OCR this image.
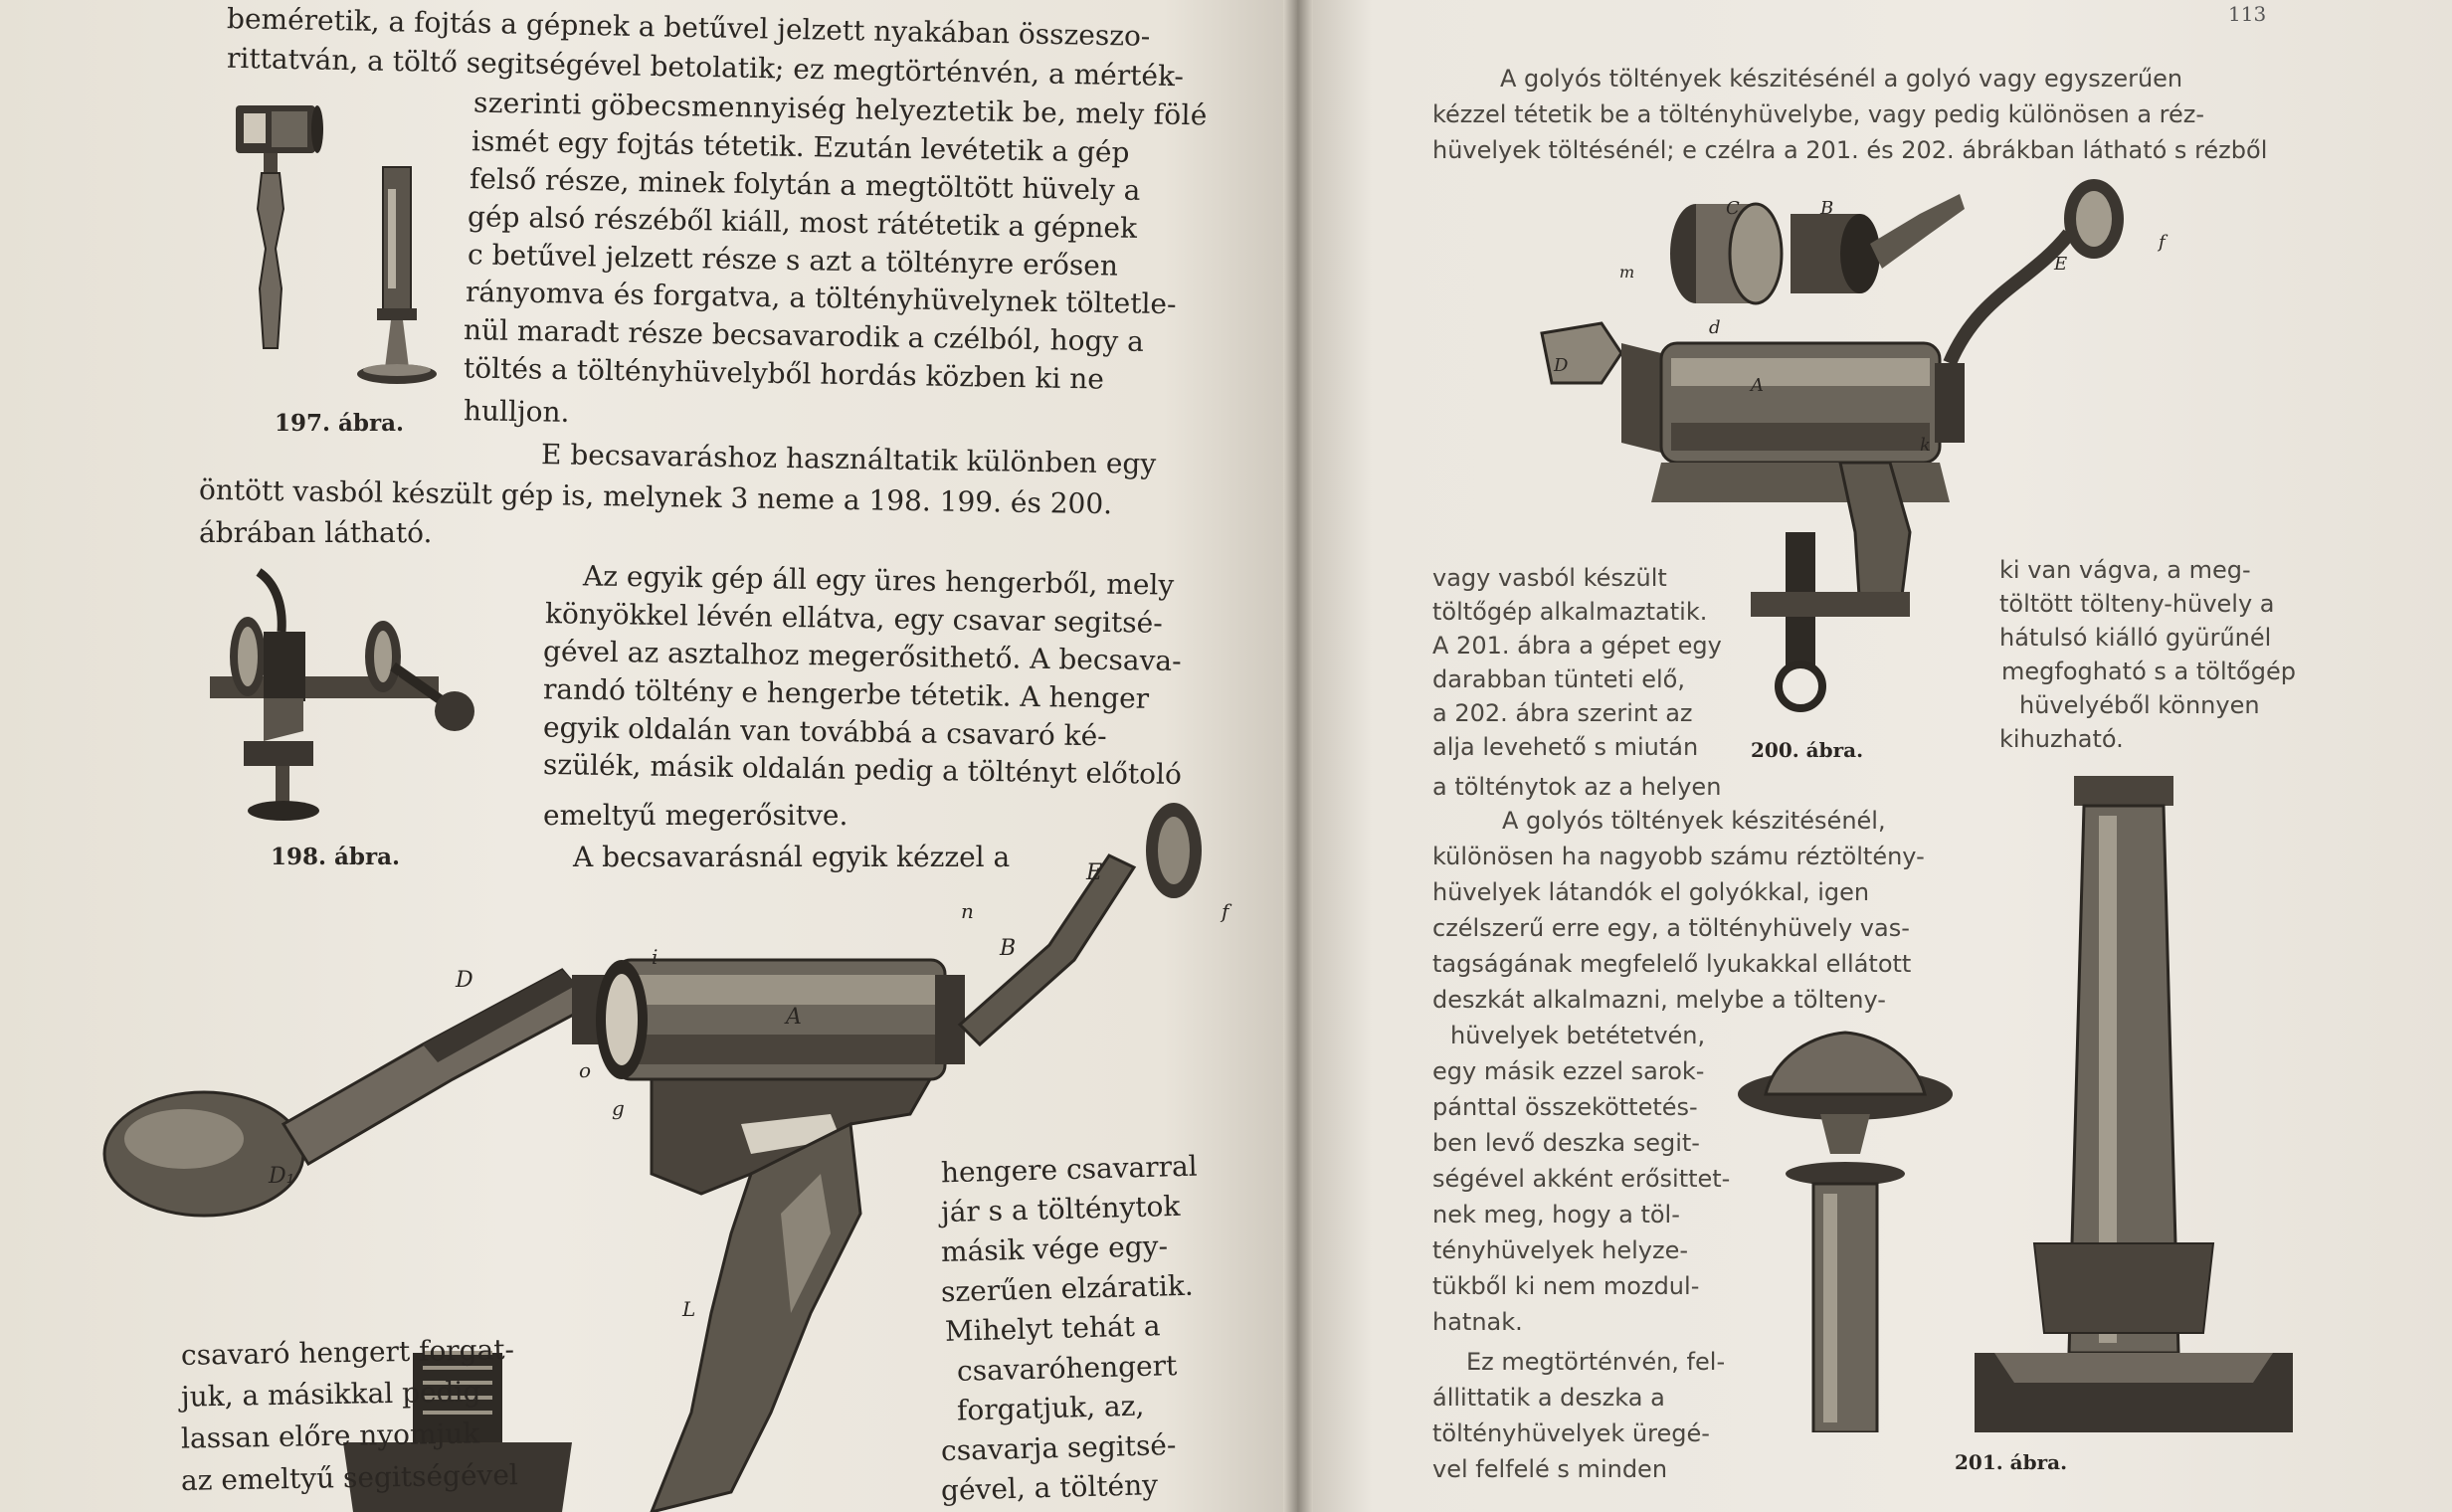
beméretik, a fojtás a gépnek a betűvel jelzett nyakában összeszo-
rittatván, a töltő segitségével betolatik; ez megtörténvén, a mérték-
szerinti göbecsmennyiség helyeztetik be, mely fölé
ismét egy fojtás tétetik. Ezután levétetik a gép
felső része, minek folytán a megtöltött hüvely a
gép alsó részéből kiáll, most rátétetik a gépnek
c betűvel jelzett része s azt a töltényre erősen
rányomva és forgatva, a töltényhüvelynek töltetle-
nül maradt része becsavarodik a czélból, hogy a
töltés a töltényhüvelyből hordás közben ki ne
hulljon.
197. ábra.
E becsavaráshoz használtatik különben egy
öntött vasból készült gép is, melynek 3 neme a 198. 199. és 200.
ábrában látható.
198. ábra.
Az egyik gép áll egy üres hengerből, mely
könyökkel lévén ellátva, egy csavar segitsé-
gével az asztalhoz megerősithető. A becsava-
randó töltény e hengerbe tétetik. A henger
egyik oldalán van továbbá a csavaró ké-
szülék, másik oldalán pedig a töltényt előtoló
emeltyű megerősitve.
A becsavarásnál egyik kézzel a
D
D₁
E
A
B
n	f
i
o
g
L
hengere csavarral
jár s a tölténytok
másik vége egy-
szerűen elzáratik.
Mihelyt tehát a
csavaróhengert
forgatjuk, az,
csavarja segitsé-
gével, a töltény
csavaró hengert forgat-
juk, a másikkal pedig
lassan előre nyomjuk
az emeltyű segitségével
113
A golyós töltények készitésénél a golyó vagy egyszerűen
kézzel tétetik be a töltényhüvelybe, vagy pedig különösen a réz-
hüvelyek töltésénél; e czélra a 201. és 202. ábrákban látható s rézből
C	B
E
A
D
d
k
f
m
200. ábra.
vagy vasból készült
töltőgép alkalmaztatik.
A 201. ábra a gépet egy
darabban tünteti elő,
a 202. ábra szerint az
alja levehető s miután
a tölténytok az a helyen
ki van vágva, a meg-
töltött tölteny-hüvely a
hátulsó kiálló gyürűnél
megfogható s a töltőgép
hüvelyéből könnyen
kihuzható.
A golyós töltények készitésénél,
különösen ha nagyobb számu réztöltény-
hüvelyek látandók el golyókkal, igen
czélszerű erre egy, a töltényhüvely vas-
tagságának megfelelő lyukakkal ellátott
deszkát alkalmazni, melybe a tölteny-
hüvelyek betétetvén,
egy másik ezzel sarok-
pánttal összeköttetés-
ben levő deszka segit-
ségével akként erősittet-
nek meg, hogy a töl-
tényhüvelyek helyze-
tükből ki nem mozdul-
hatnak.
Ez megtörténvén, fel-
állittatik a deszka a
töltényhüvelyek üregé-
vel felfelé s minden	201. ábra.
